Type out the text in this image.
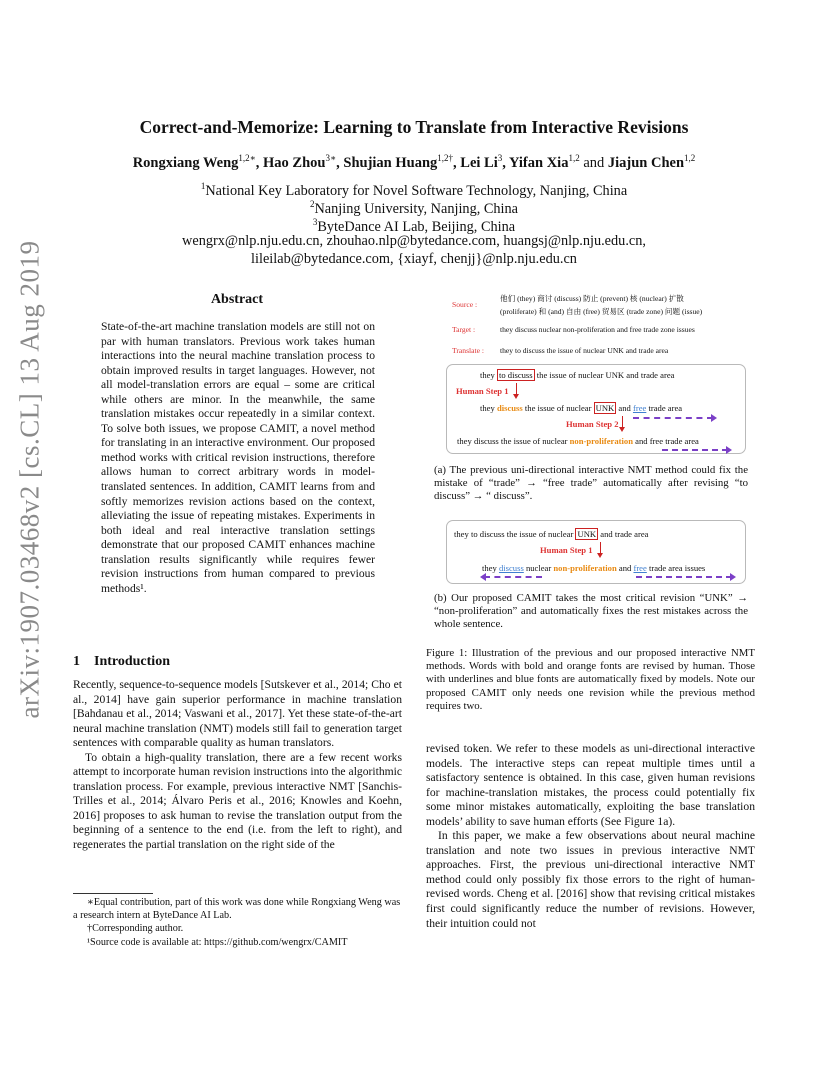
arXiv:1907.03468v2 [cs.CL] 13 Aug 2019
Correct-and-Memorize: Learning to Translate from Interactive Revisions
Rongxiang Weng$^{1,2∗}$, Hao Zhou$^{3∗}$, Shujian Huang$^{1,2\dagger}$, Lei Li$^3$, Yifan Xia$^{1,2}$ and Jiajun Chen$^{1,2}$
$^1$National Key Laboratory for Novel Software Technology, Nanjing, China
$^2$Nanjing University, Nanjing, China
$^3$ByteDance AI Lab, Beijing, China
wengrx@nlp.nju.edu.cn, zhouhao.nlp@bytedance.com, huangsj@nlp.nju.edu.cn,
lileilab@bytedance.com, {xiayf, chenjj}@nlp.nju.edu.cn
Abstract
State-of-the-art machine translation models are still not on par with human translators. Previous work takes human interactions into the neural machine translation process to obtain improved results in target languages. However, not all model-translation errors are equal – some are critical while others are minor. In the meanwhile, the same translation mistakes occur repeatedly in a similar context. To solve both issues, we propose CAMIT, a novel method for translating in an interactive environment. Our proposed method works with critical revision instructions, therefore allows human to correct arbitrary words in model-translated sentences. In addition, CAMIT learns from and softly memorizes revision actions based on the context, alleviating the issue of repeating mistakes. Experiments in both ideal and real interactive translation settings demonstrate that our proposed CAMIT enhances machine translation results significantly while requires fewer revision instructions from human compared to previous methods¹.
1 Introduction

Recently, sequence-to-sequence models [Sutskever et al., 2014; Cho et al., 2014] have gain superior performance in machine translation [Bahdanau et al., 2014; Vaswani et al., 2017]. Yet these state-of-the-art neural machine translation (NMT) models still fail to generation target sentences with comparable quality as human translators.

To obtain a high-quality translation, there are a few recent works attempt to incorporate human revision instructions into the algorithmic translation process. For example, previous interactive NMT [Sanchis-Trilles et al., 2014; Álvaro Peris et al., 2016; Knowles and Koehn, 2016] proposes to ask human to revise the translation output from the beginning of a sentence to the end (i.e. from the left to right), and regenerates the partial translation on the right side of the

∗Equal contribution, part of this work was done while Rongxiang Weng was a research intern at ByteDance AI Lab.

†Corresponding author.

¹Source code is available at: https://github.com/wengrx/CAMIT

Source :
他们 (they) 商讨 (discuss) 防止 (prevent) 核 (nuclear) 扩散
(proliferate) 和 (and) 自由 (free) 贸易区 (trade zone) 问题 (issue)
Target :	they discuss nuclear non-proliferation and free trade zone issues
Translate : they to discuss the issue of nuclear UNK and trade area
they to discuss the issue of nuclear UNK and trade area
Human Step 1
they discuss the issue of nuclear UNK and free trade area
Human Step 2
they discuss the issue of nuclear non-proliferation and free trade area
(a) The previous uni-directional interactive NMT method could fix the mistake of “trade” → “free trade” automatically after revising “to discuss” → “ discuss”.
they to discuss the issue of nuclear UNK and trade area
Human Step 1
they discuss nuclear non-proliferation and free trade area issues
(b) Our proposed CAMIT takes the most critical revision “UNK” → “non-proliferation” and automatically fixes the rest mistakes across the whole sentence.
Figure 1: Illustration of the previous and our proposed interactive NMT methods. Words with bold and orange fonts are revised by human. Those with underlines and blue fonts are automatically fixed by models. Note our proposed CAMIT only needs one revision while the previous method requires two.

revised token. We refer to these models as uni-directional interactive models. The interactive steps can repeat multiple times until a satisfactory sentence is obtained. In this case, given human revisions for machine-translation mistakes, the process could potentially fix some minor mistakes automatically, exploiting the base translation models’ ability to save human efforts (See Figure 1a).

In this paper, we make a few observations about neural machine translation and note two issues in previous interactive NMT approaches. First, the previous uni-directional interactive NMT method could only possibly fix those errors to the right of human-revised words. Cheng et al. [2016] show that revising critical mistakes first could significantly reduce the number of revisions. However, their intuition could not
